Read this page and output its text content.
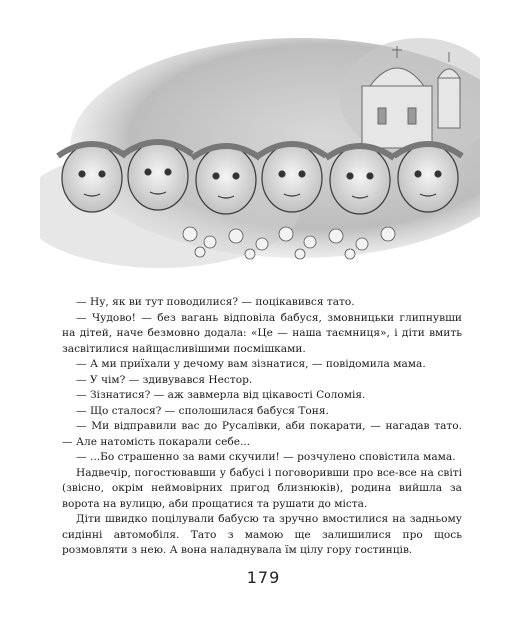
— Ну, як ви тут поводилися? — поцікавився тато.

— Чудово! — без вагань відповіла бабуся, змовницьки глипнувши на дітей, наче безмовно додала: «Це — наша таємниця», і діти вмить засвітилися найщасливішими посмішками.

— А ми приїхали у дечому вам зізнатися, — повідомила мама.

— У чім? — здивувався Нестор.

— Зізнатися? — аж завмерла від цікавості Соломія.

— Що сталося? — сполошилася бабуся Тоня.

— Ми відправили вас до Русалівки, аби покарати, — нагадав тато. — Але натомість покарали себе...

— ...Бо страшенно за вами скучили! — розчулено сповістила мама.

Надвечір, погостювавши у бабусі і поговоривши про все-все на світі (звісно, окрім неймовірних пригод близнюків), родина вийшла за ворота на вулицю, аби прощатися та рушати до міста.

Діти швидко поцілували бабусю та зручно вмостилися на задньому сидінні автомобіля. Тато з мамою ще залишилися про щось розмовляти з нею. А вона наладнувала їм цілу гору гостинців.

179
